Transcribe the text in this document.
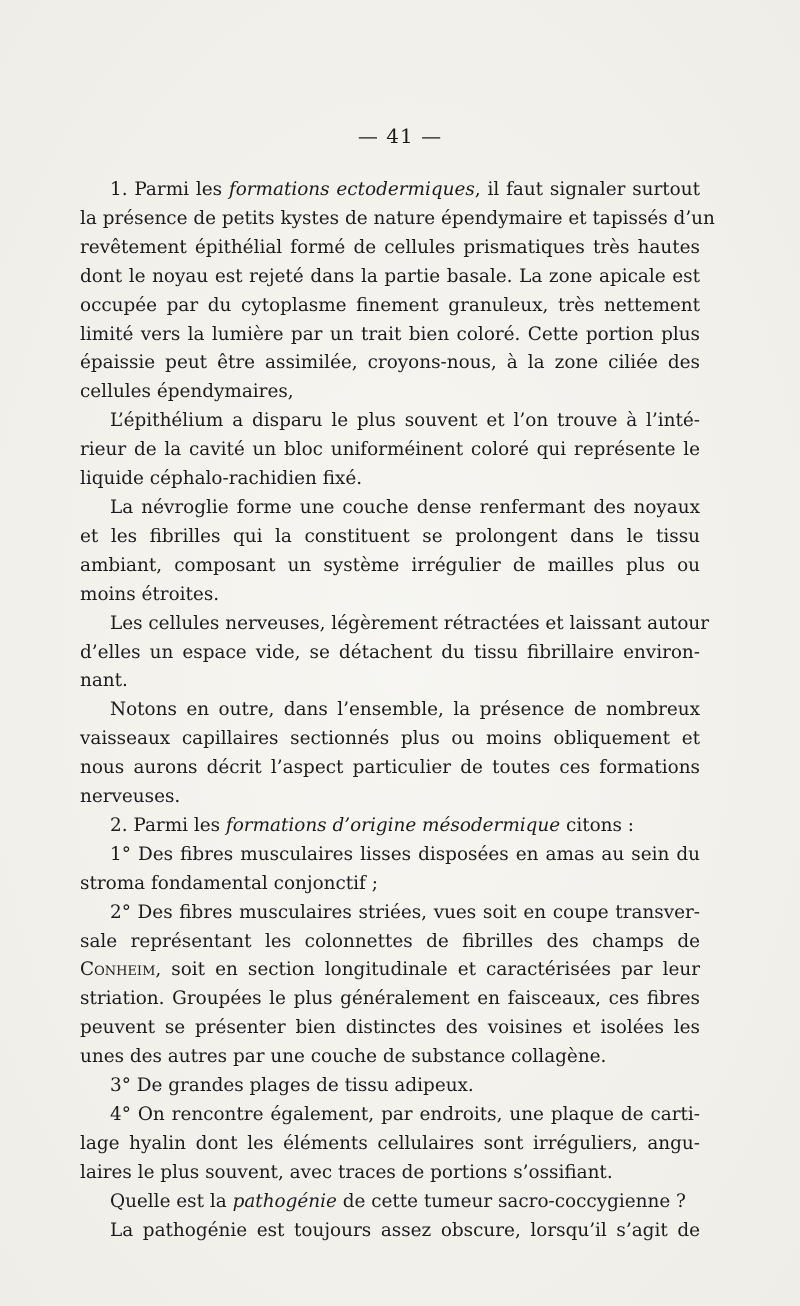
— 41 —

1. Parmi les formations ectodermiques, il faut signaler surtout
la présence de petits kystes de nature épendymaire et tapissés d’un
revêtement épithélial formé de cellules prismatiques très hautes
dont le noyau est rejeté dans la partie basale. La zone apicale est
occupée par du cytoplasme finement granuleux, très nettement
limité vers la lumière par un trait bien coloré. Cette portion plus
épaissie peut être assimilée, croyons-nous, à la zone ciliée des
cellules épendymaires,

L’épithélium a disparu le plus souvent et l’on trouve à l’inté-
rieur de la cavité un bloc uniforméinent coloré qui représente le
liquide céphalo-rachidien fixé.

La névroglie forme une couche dense renfermant des noyaux
et les fibrilles qui la constituent se prolongent dans le tissu
ambiant, composant un système irrégulier de mailles plus ou
moins étroites.

Les cellules nerveuses, légèrement rétractées et laissant autour
d’elles un espace vide, se détachent du tissu fibrillaire environ-
nant.

Notons en outre, dans l’ensemble, la présence de nombreux
vaisseaux capillaires sectionnés plus ou moins obliquement et
nous aurons décrit l’aspect particulier de toutes ces formations
nerveuses.

2. Parmi les formations d’origine mésodermique citons :

1° Des fibres musculaires lisses disposées en amas au sein du
stroma fondamental conjonctif ;

2° Des fibres musculaires striées, vues soit en coupe transver-
sale représentant les colonnettes de fibrilles des champs de
Conheim, soit en section longitudinale et caractérisées par leur
striation. Groupées le plus généralement en faisceaux, ces fibres
peuvent se présenter bien distinctes des voisines et isolées les
unes des autres par une couche de substance collagène.

3° De grandes plages de tissu adipeux.

4° On rencontre également, par endroits, une plaque de carti-
lage hyalin dont les éléments cellulaires sont irréguliers, angu-
laires le plus souvent, avec traces de portions s’ossifiant.

Quelle est la pathogénie de cette tumeur sacro-coccygienne ?

La pathogénie est toujours assez obscure, lorsqu’il s’agit de
